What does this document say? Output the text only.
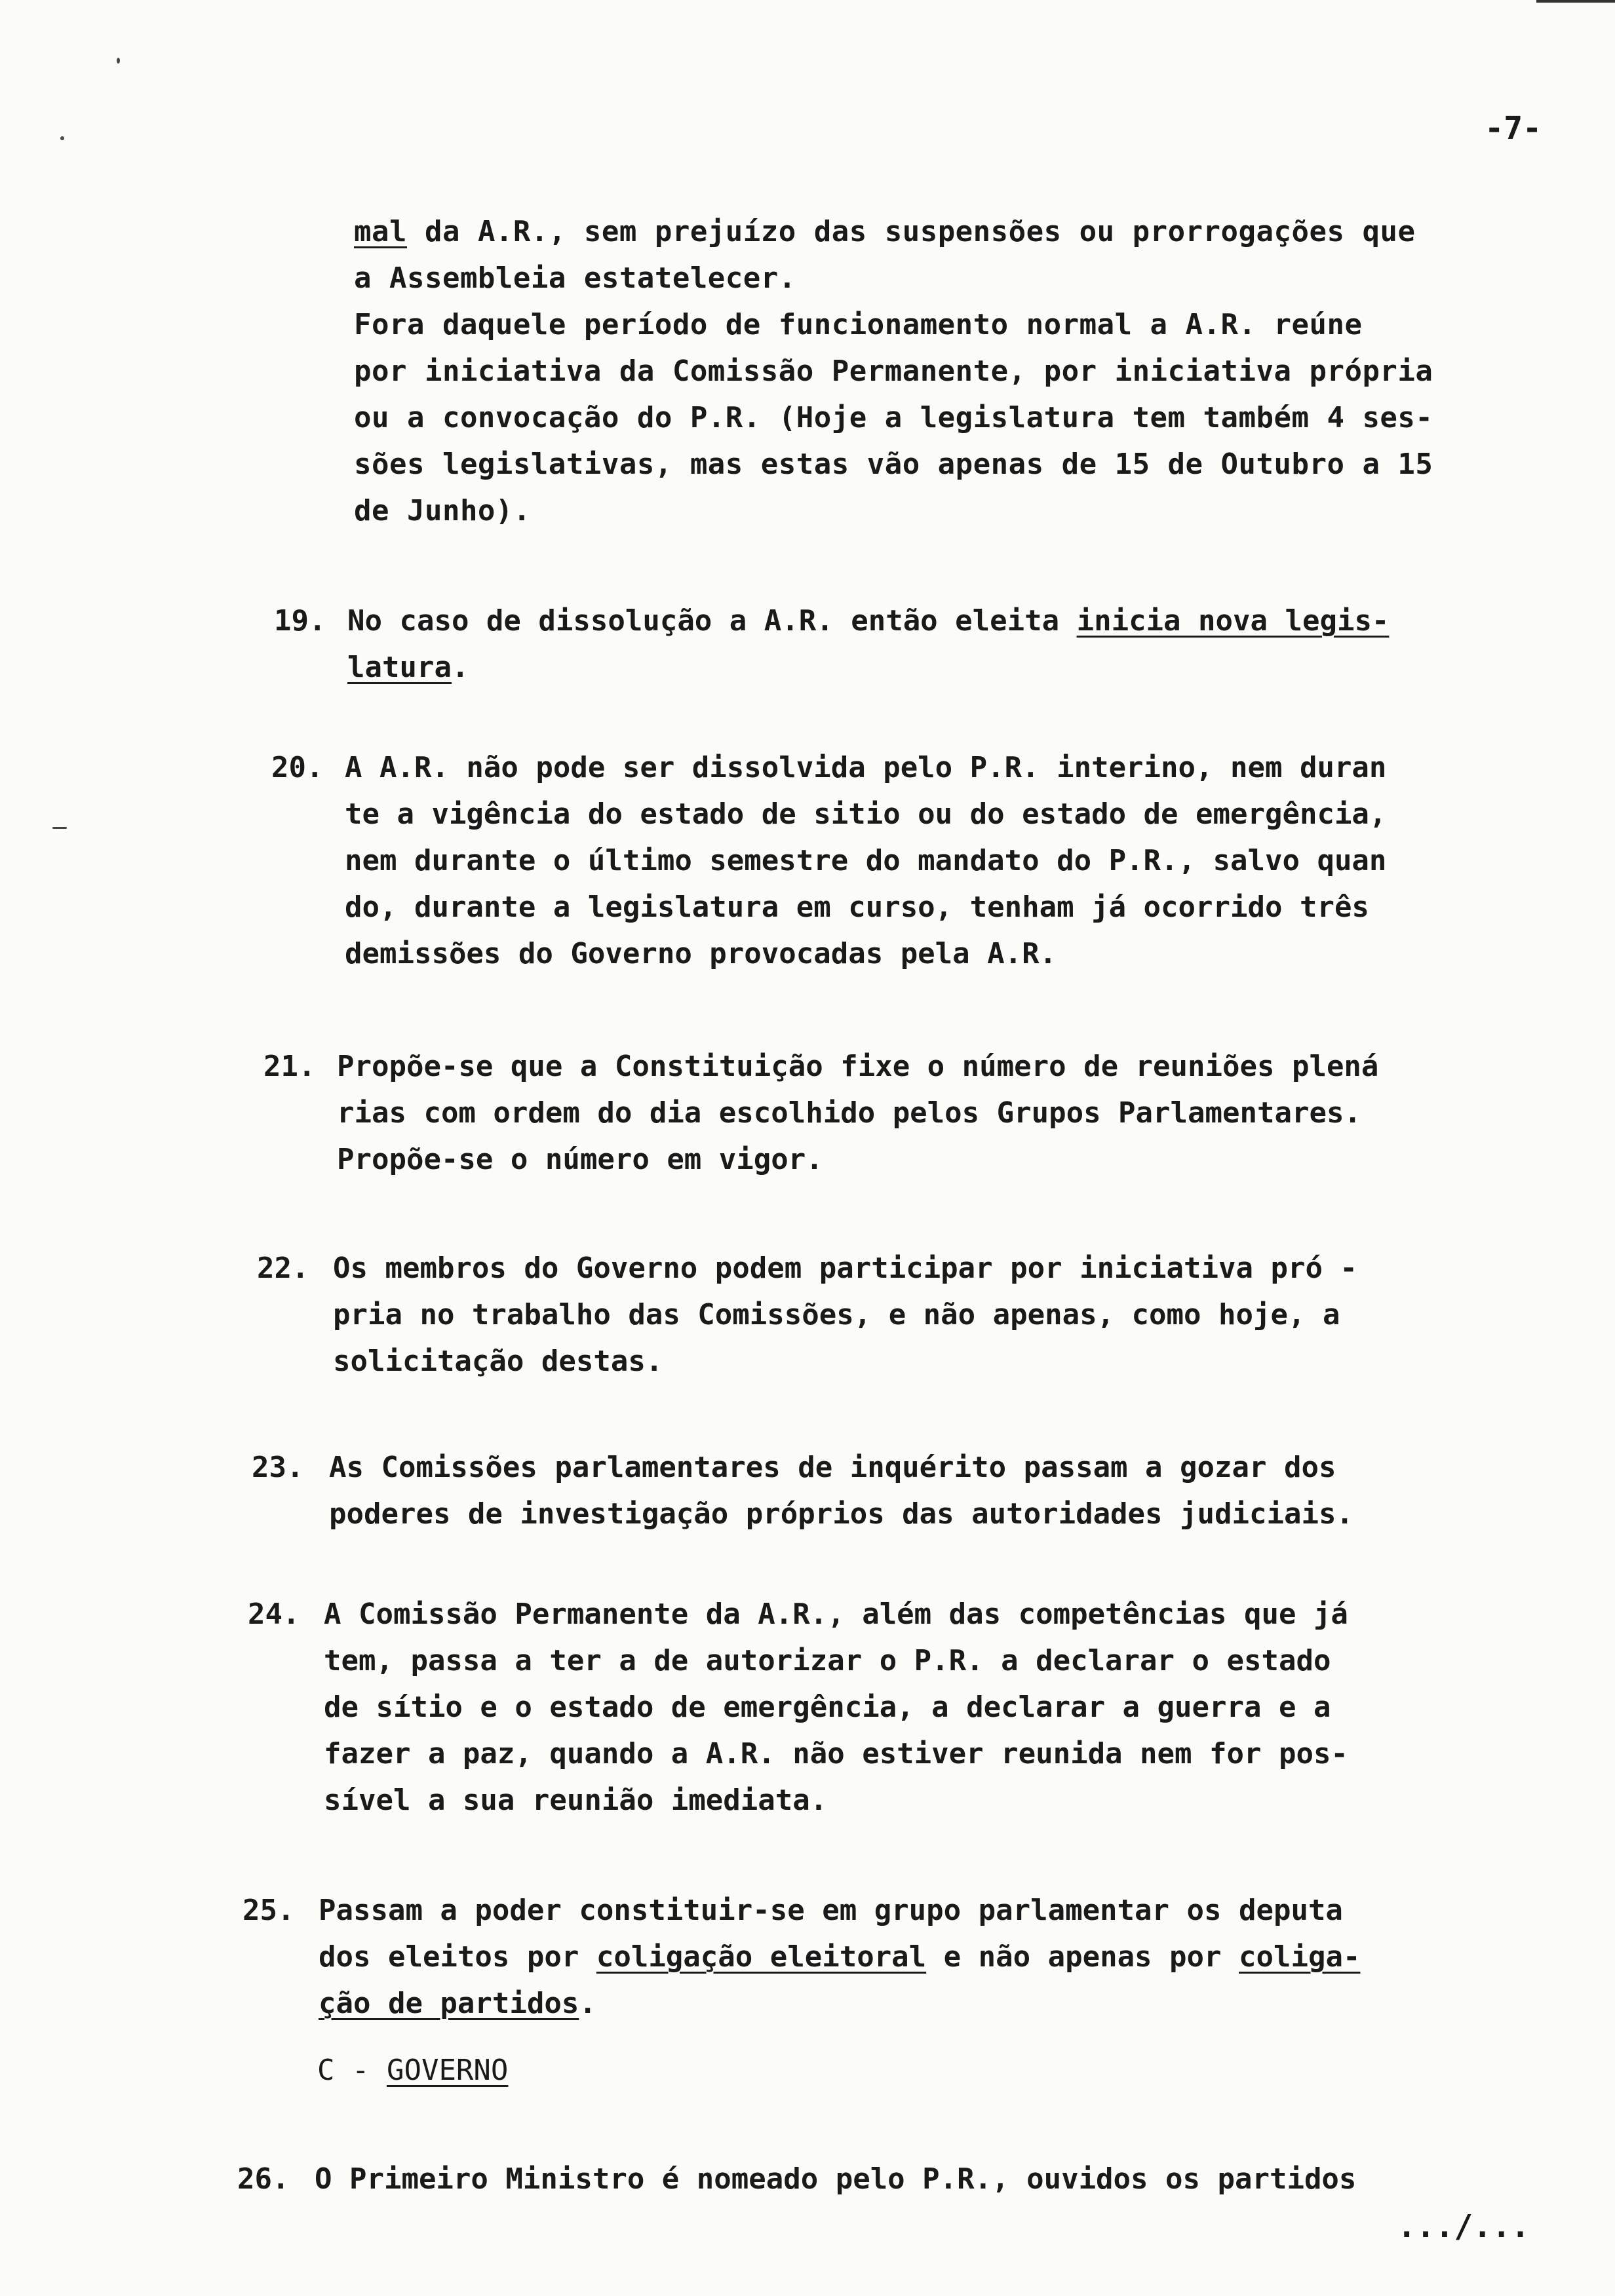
-7-
mal da A.R., sem prejuízo das suspensões ou prorrogações que
a Assembleia estatelecer.
Fora daquele período de funcionamento normal a A.R. reúne
por iniciativa da Comissão Permanente, por iniciativa própria
ou a convocação do P.R. (Hoje a legislatura tem também 4 ses-
sões legislativas, mas estas vão apenas de 15 de Outubro a 15
de Junho).
19. No caso de dissolução a A.R. então eleita inicia nova legis-
latura.
20. A A.R. não pode ser dissolvida pelo P.R. interino, nem duran
te a vigência do estado de sitio ou do estado de emergência,
nem durante o último semestre do mandato do P.R., salvo quan
do, durante a legislatura em curso, tenham já ocorrido três
demissões do Governo provocadas pela A.R.
21. Propõe-se que a Constituição fixe o número de reuniões plená
rias com ordem do dia escolhido pelos Grupos Parlamentares.
Propõe-se o número em vigor.
22. Os membros do Governo podem participar por iniciativa pró -
pria no trabalho das Comissões, e não apenas, como hoje, a
solicitação destas.
23. As Comissões parlamentares de inquérito passam a gozar dos
poderes de investigação próprios das autoridades judiciais.
24. A Comissão Permanente da A.R., além das competências que já
tem, passa a ter a de autorizar o P.R. a declarar o estado
de sítio e o estado de emergência, a declarar a guerra e a
fazer a paz, quando a A.R. não estiver reunida nem for pos-
sível a sua reunião imediata.
25. Passam a poder constituir-se em grupo parlamentar os deputa
dos eleitos por coligação eleitoral e não apenas por coliga-
ção de partidos.
C - GOVERNO
26. O Primeiro Ministro é nomeado pelo P.R., ouvidos os partidos
.../...
